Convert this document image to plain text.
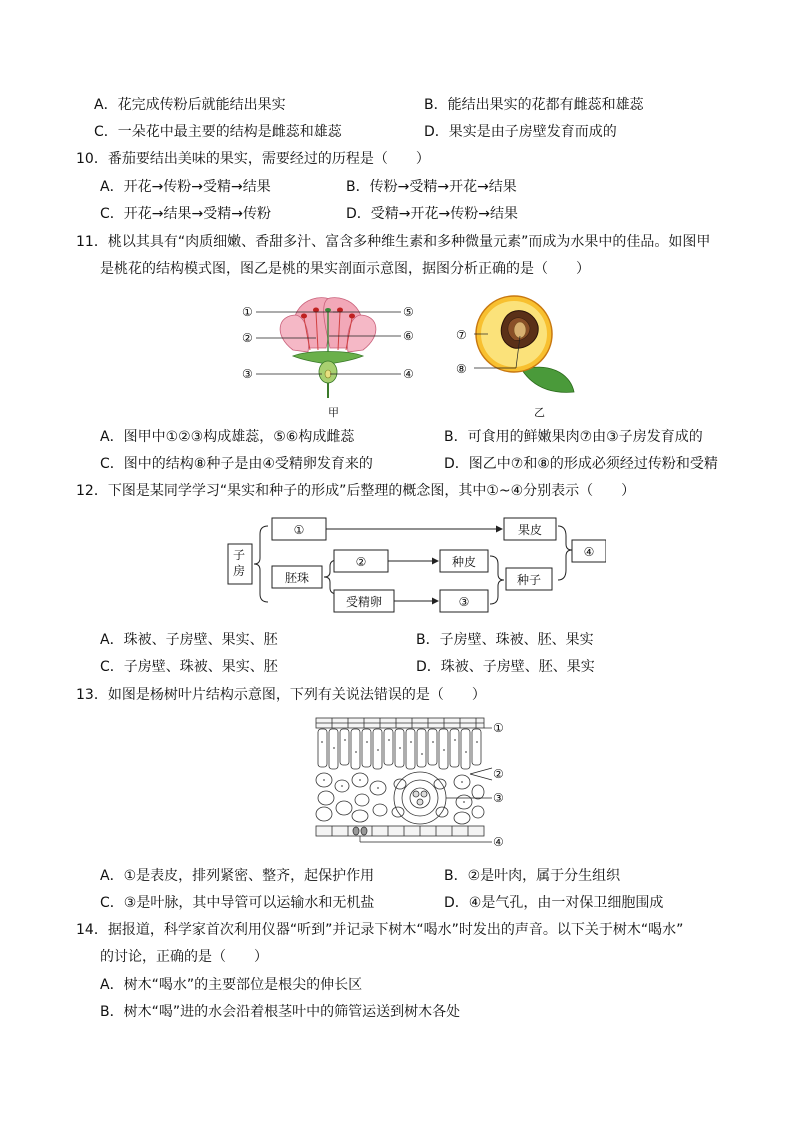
A．花完成传粉后就能结出果实	B．能结出果实的花都有雌蕊和雄蕊
C．一朵花中最主要的结构是雌蕊和雄蕊	D．果实是由子房壁发育而成的
10．番茄要结出美味的果实，需要经过的历程是（　　）
A．开花→传粉→受精→结果	B．传粉→受精→开花→结果
C．开花→结果→受精→传粉	D．受精→开花→传粉→结果
11．桃以其具有“肉质细嫩、香甜多汁、富含多种维生素和多种微量元素”而成为水果中的佳品。如图甲
是桃花的结构模式图，图乙是桃的果实剖面示意图，据图分析正确的是（　　）
①
②
③
⑤
⑥
④
甲
⑦
⑧
乙
A．图甲中①②③构成雄蕊，⑤⑥构成雌蕊	B．可食用的鲜嫩果肉⑦由③子房发育成的
C．图中的结构⑧种子是由④受精卵发育来的	D．图乙中⑦和⑧的形成必须经过传粉和受精
12．下图是某同学学习“果实和种子的形成”后整理的概念图，其中①~④分别表示（　　）
①
胚珠
②
受精卵
果皮
种皮
③
种子
④
子房
A．珠被、子房壁、果实、胚	B．子房壁、珠被、胚、果实
C．子房壁、珠被、果实、胚	D．珠被、子房壁、胚、果实
13．如图是杨树叶片结构示意图，下列有关说法错误的是（　　）
①
②
③
④
A．①是表皮，排列紧密、整齐，起保护作用	B．②是叶肉，属于分生组织
C．③是叶脉，其中导管可以运输水和无机盐	D．④是气孔，由一对保卫细胞围成
14．据报道，科学家首次利用仪器“听到”并记录下树木“喝水”时发出的声音。以下关于树木“喝水”
的讨论，正确的是（　　）
A．树木“喝水”的主要部位是根尖的伸长区
B．树木“喝”进的水会沿着根茎叶中的筛管运送到树木各处
